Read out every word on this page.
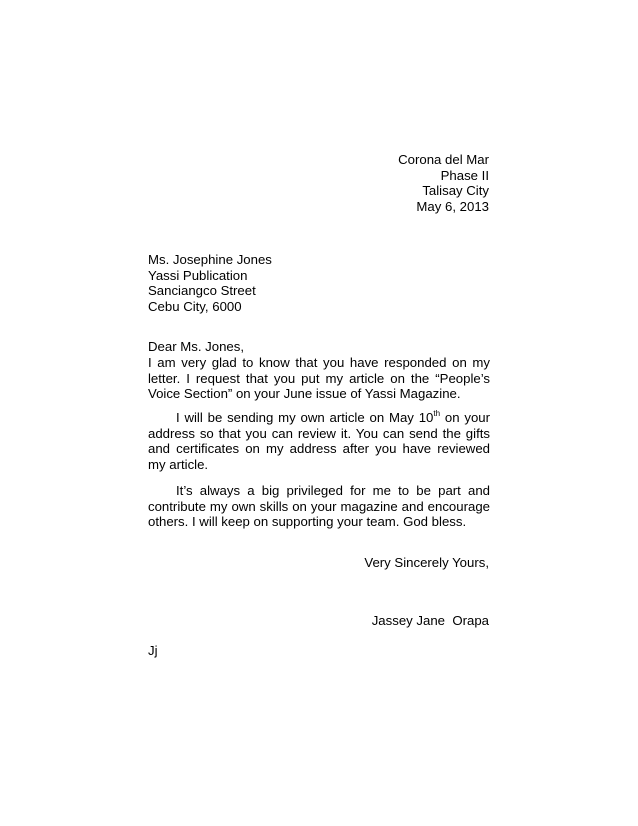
Corona del Mar
Phase II
Talisay City
May 6, 2013
Ms. Josephine Jones
Yassi Publication
Sanciangco Street
Cebu City, 6000
Dear Ms. Jones,

I am very glad to know that you have responded on my letter. I request that you put my article on the “People’s Voice Section” on your June issue of Yassi Magazine.

I will be sending my own article on May 10th on your address so that you can review it. You can send the gifts and certificates on my address after you have reviewed my article.

It’s always a big privileged for me to be part and contribute my own skills on your magazine and encourage others. I will keep on supporting your team. God bless.

Very Sincerely Yours,
Jassey Jane  Orapa
Jj
